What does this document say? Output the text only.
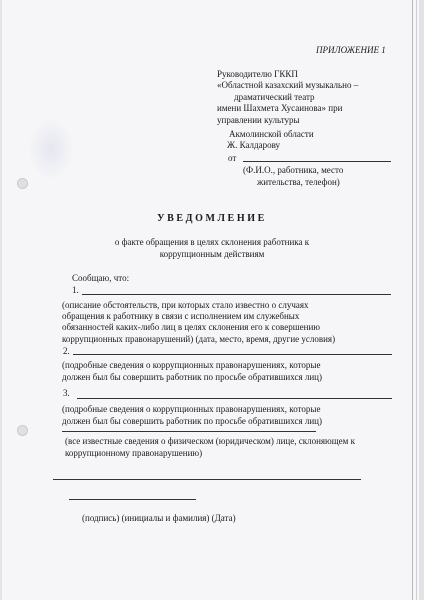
ПРИЛОЖЕНИЕ 1
Руководителю ГККП
«Областной казахский музыкально –
драматический театр
имени Шахмета Хусаинова» при
управлении культуры
Акмолинской области
Ж. Калдарову
от
(Ф.И.О., работника, место
жительства, телефон)
УВЕДОМЛЕНИЕ
о факте обращения в целях склонения работника к
коррупционным действиям
Сообщаю, что:
1.
(описание обстоятельств, при которых стало известно о случаях
обращения к работнику в связи с исполнением им служебных
обязанностей каких-либо лиц в целях склонения его к совершению
коррупционных правонарушений) (дата, место, время, другие условия)
2.
(подробные сведения о коррупционных правонарушениях, которые
должен был бы совершить работник по просьбе обратившихся лиц)
3.
(подробные сведения о коррупционных правонарушениях, которые
должен был бы совершить работник по просьбе обратившихся лиц)
(все известные сведения о физическом (юридическом) лице, склоняющем к
коррупционному правонарушению)
(подпись) (инициалы и фамилия) (Дата)
